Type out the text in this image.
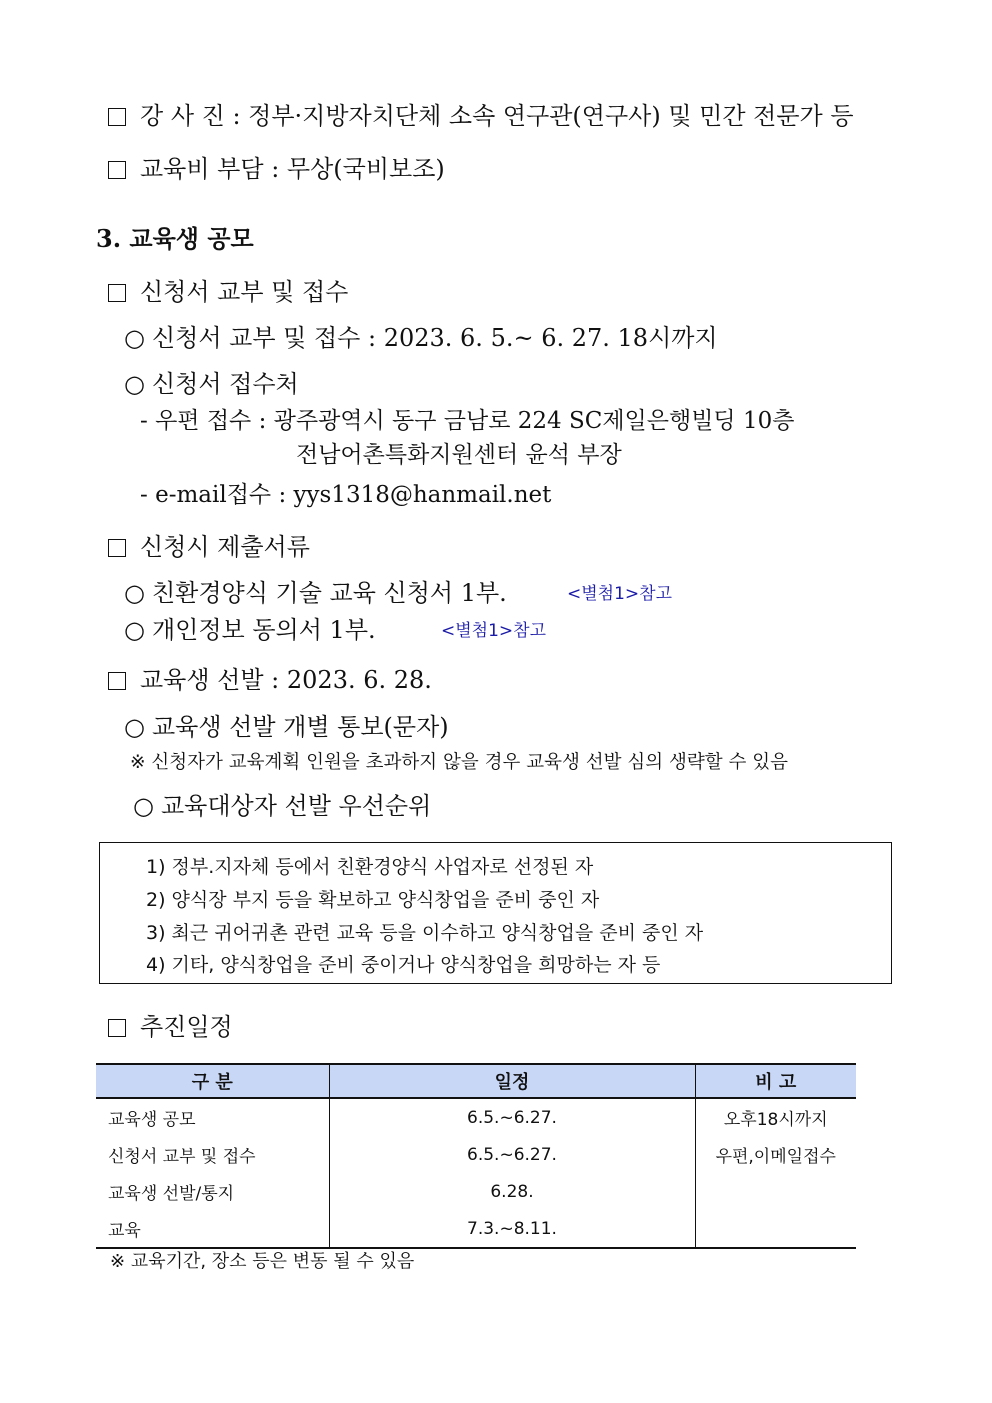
강 사 진 : 정부·지방자치단체 소속 연구관(연구사) 및 민간 전문가 등
교육비 부담 : 무상(국비보조)
3. 교육생 공모
신청서 교부 및 접수
○ 신청서 교부 및 접수 : 2023. 6. 5.~ 6. 27. 18시까지
○ 신청서 접수처
- 우편 접수 : 광주광역시 동구 금남로 224 SC제일은행빌딩 10층
전남어촌특화지원센터 윤석 부장
- e-mail접수 : yys1318@hanmail.net
신청시 제출서류
○ 친환경양식 기술 교육 신청서 1부.	<별첨1>참고
○ 개인정보 동의서 1부.	<별첨1>참고
교육생 선발 : 2023. 6. 28.
○ 교육생 선발 개별 통보(문자)
※ 신청자가 교육계획 인원을 초과하지 않을 경우 교육생 선발 심의 생략할 수 있음
○ 교육대상자 선발 우선순위
1) 정부.지자체 등에서 친환경양식 사업자로 선정된 자
2) 양식장 부지 등을 확보하고 양식창업을 준비 중인 자
3) 최근 귀어귀촌 관련 교육 등을 이수하고 양식창업을 준비 중인 자
4) 기타, 양식창업을 준비 중이거나 양식창업을 희망하는 자 등
추진일정
구 분	일정	비 고
교육생 공모	6.5.~6.27.	오후18시까지
신청서 교부 및 접수	6.5.~6.27.	우편,이메일접수
교육생 선발/통지	6.28.	
교육	7.3.~8.11.	
※ 교육기간, 장소 등은 변동 될 수 있음
